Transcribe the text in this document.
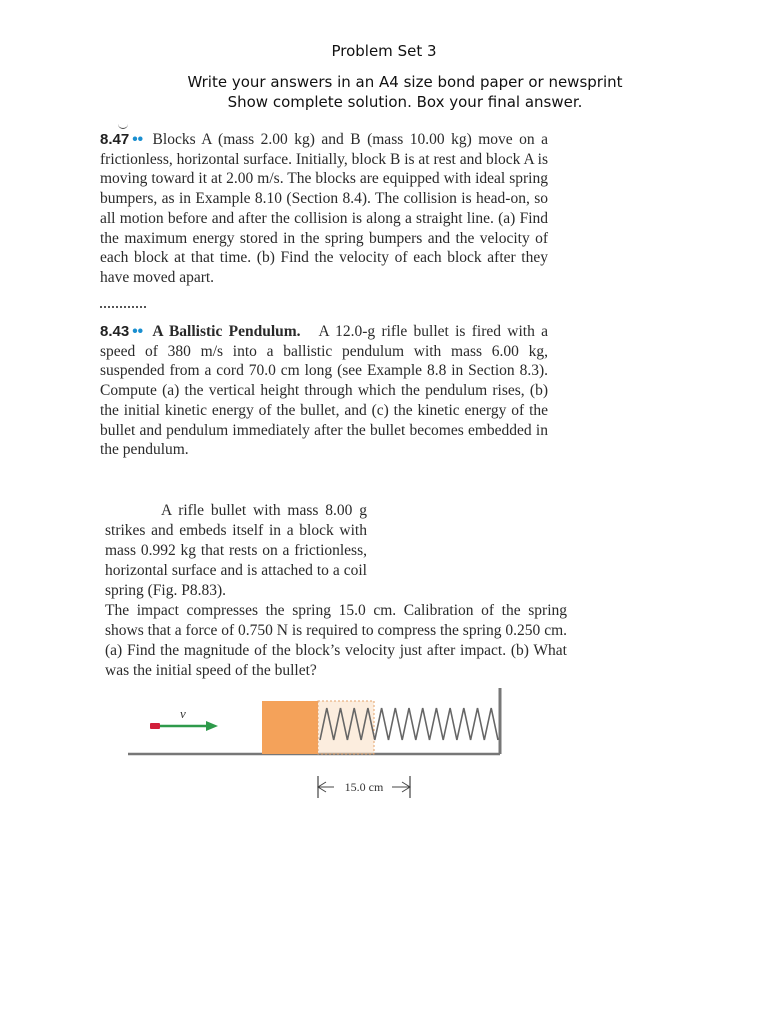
Problem Set 3
Write your answers in an A4 size bond paper or newsprint
Show complete solution. Box your final answer.
8.47 •• Blocks A (mass 2.00 kg) and B (mass 10.00 kg) move on a frictionless, horizontal surface. Initially, block B is at rest and block A is moving toward it at 2.00 m/s. The blocks are equipped with ideal spring bumpers, as in Example 8.10 (Section 8.4). The collision is head-on, so all motion before and after the collision is along a straight line. (a) Find the maximum energy stored in the spring bumpers and the velocity of each block at that time. (b) Find the velocity of each block after they have moved apart.
8.43 •• A Ballistic Pendulum. A 12.0-g rifle bullet is fired with a speed of 380 m/s into a ballistic pendulum with mass 6.00 kg, suspended from a cord 70.0 cm long (see Example 8.8 in Section 8.3). Compute (a) the vertical height through which the pendulum rises, (b) the initial kinetic energy of the bullet, and (c) the kinetic energy of the bullet and pendulum immediately after the bullet becomes embedded in the pendulum.
A rifle bullet with mass 8.00 g strikes and embeds itself in a block with mass 0.992 kg that rests on a frictionless, horizontal surface and is attached to a coil spring (Fig. P8.83).
The impact compresses the spring 15.0 cm. Calibration of the spring shows that a force of 0.750 N is required to compress the spring 0.250 cm. (a) Find the magnitude of the block’s velocity just after impact. (b) What was the initial speed of the bullet?
v
15.0 cm
